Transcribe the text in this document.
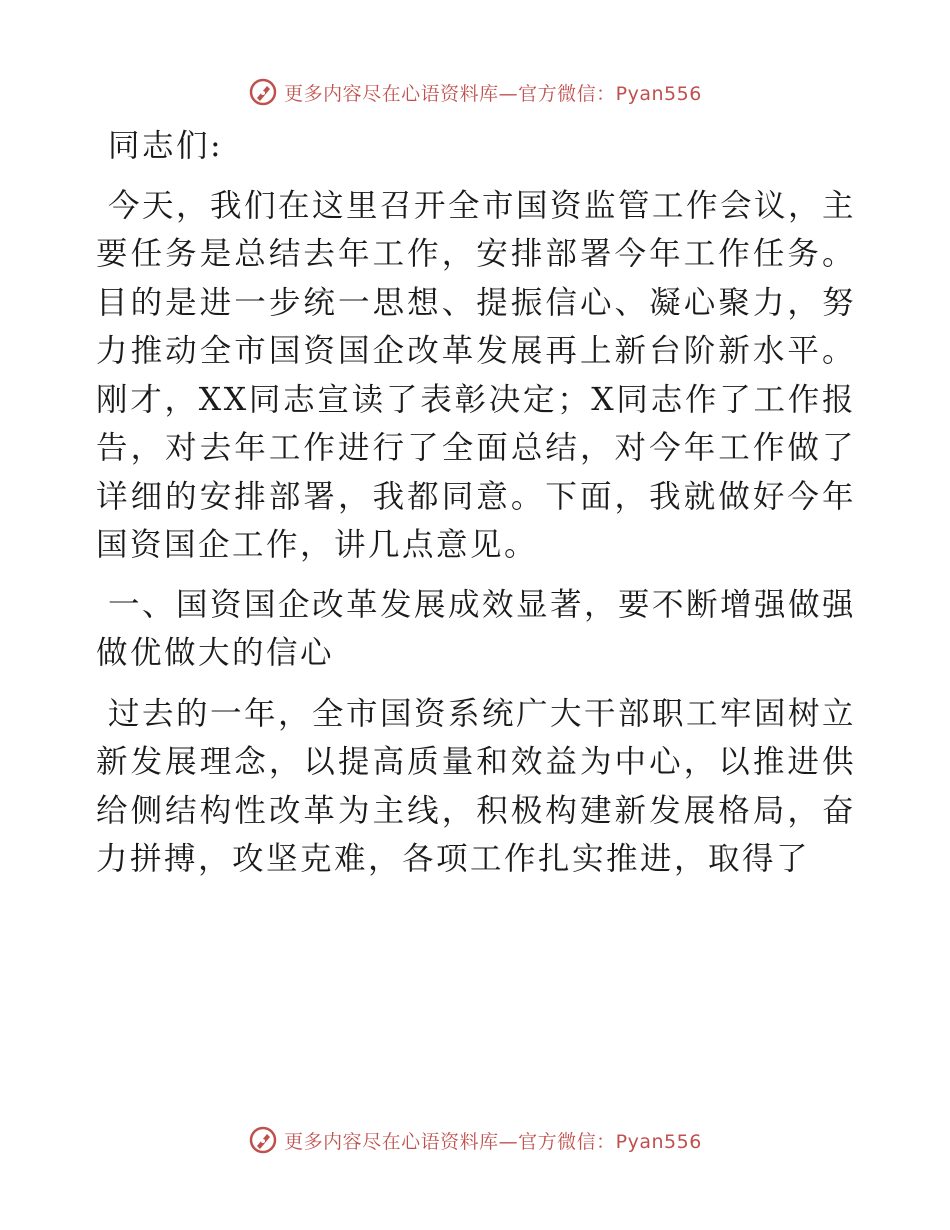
更多内容尽在心语资料库—官方微信：Pyan556

同志们:

今天，我们在这里召开全市国资监管工作会议，主要任务是总结去年工作，安排部署今年工作任务。目的是进一步统一思想、提振信心、凝心聚力，努力推动全市国资国企改革发展再上新台阶新水平。刚才，XX同志宣读了表彰决定；X同志作了工作报告，对去年工作进行了全面总结，对今年工作做了详细的安排部署，我都同意。下面，我就做好今年国资国企工作，讲几点意见。

一、国资国企改革发展成效显著，要不断增强做强做优做大的信心

过去的一年，全市国资系统广大干部职工牢固树立新发展理念，以提高质量和效益为中心，以推进供给侧结构性改革为主线，积极构建新发展格局，奋力拼搏，攻坚克难，各项工作扎实推进，取得了

更多内容尽在心语资料库—官方微信：Pyan556
